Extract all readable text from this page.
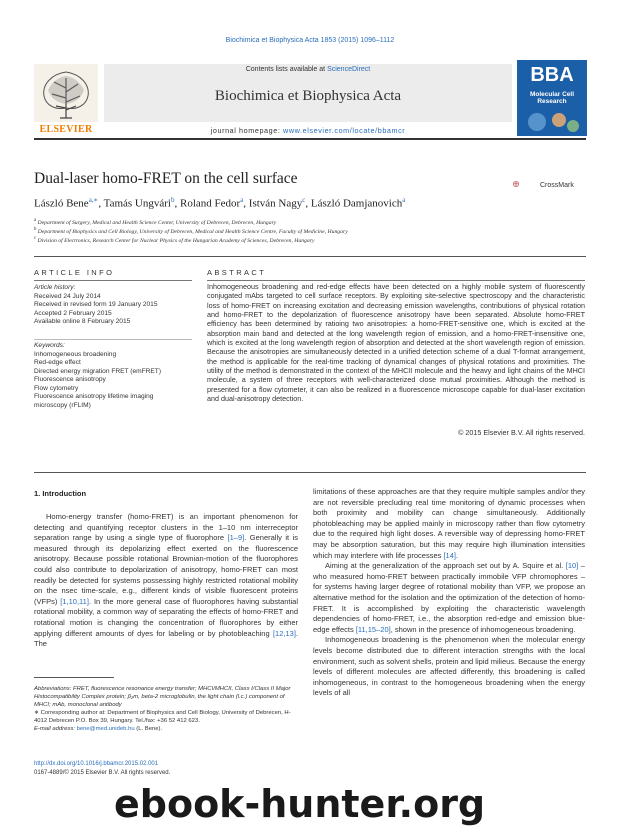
Biochimica et Biophysica Acta 1853 (2015) 1096–1112
Contents lists available at ScienceDirect
Biochimica et Biophysica Acta
journal homepage: www.elsevier.com/locate/bbamcr
ELSEVIER
BBA
Molecular Cell Research
Dual-laser homo-FRET on the cell surface	CrossMark
László Bene$^{a,∗}$, Tamás Ungvári$^b$, Roland Fedor$^a$, István Nagy$^c$, László Damjanovich$^a$
$^a$ Department of Surgery, Medical and Health Science Center, University of Debrecen, Debrecen, Hungary
$^b$ Department of Biophysics and Cell Biology, University of Debrecen, Medical and Health Science Centre, Faculty of Medicine, Hungary
$^c$ Division of Electronics, Research Center for Nuclear Physics of the Hungarian Academy of Sciences, Debrecen, Hungary
ARTICLE INFO
Article history:
Received 24 July 2014
Received in revised form 19 January 2015
Accepted 2 February 2015
Available online 8 February 2015
Keywords:
Inhomogeneous broadening
Red-edge effect
Directed energy migration FRET (emFRET)
Fluorescence anisotropy
Flow cytometry
Fluorescence anisotropy lifetime imaging
microscopy (rFLIM)
ABSTRACT
Inhomogeneous broadening and red-edge effects have been detected on a highly mobile system of fluorescently conjugated mAbs targeted to cell surface receptors. By exploiting site-selective spectroscopy and the characteristic loss of homo-FRET on increasing excitation and decreasing emission wavelengths, contributions of physical rotation and homo-FRET to the depolarization of fluorescence anisotropy have been separated. Absolute homo-FRET efficiency has been determined by ratioing two anisotropies: a homo-FRET-sensitive one, which is excited at the absorption main band and detected at the long wavelength region of emission, and a homo-FRET-insensitive one, which is excited at the long wavelength region of absorption and detected at the short wavelength region of emission. Because the anisotropies are simultaneously detected in a unified detection scheme of a dual T-format arrangement, the method is applicable for the real-time tracking of dynamical changes of physical rotations and proximities. The utility of the method is demonstrated in the context of the MHCII molecule and the heavy and light chains of the MHCI molecule, a system of three receptors with well-characterized close mutual proximities. Although the method is presented for a flow cytometer, it can also be realized in a fluorescence microscope capable for dual-laser excitation and dual-anisotropy detection.
© 2015 Elsevier B.V. All rights reserved.
1. Introduction

Homo-energy transfer (homo-FRET) is an important phenomenon for detecting and quantifying receptor clusters in the 1–10 nm interreceptor separation range by using a single type of fluorophore [1–9]. Generally it is measured through its depolarizing effect exerted on the fluorescence anisotropy. Because possible rotational Brownian-motion of the fluorophores could also contribute to depolarization of anisotropy, homo-FRET can most readily be detected for systems possessing highly restricted rotational mobility on the nsec time-scale, e.g., different kinds of visible fluorescent proteins (VFPs) [1,10,11]. In the more general case of fluorophores having substantial rotational mobility, a common way of separating the effects of homo-FRET and rotational motion is changing the concentration of fluorophores by either applying different amounts of dyes for labeling or by photobleaching [12,13]. The

limitations of these approaches are that they require multiple samples and/or they are not reversible precluding real time monitoring of dynamic processes when both proximity and mobility can change simultaneously. Additionally photobleaching may be applied mainly in microscopy rather than flow cytometry due to the required high light doses. A reversible way of depressing homo-FRET may be absorption saturation, but this may require high illumination intensities which may interfere with life processes [14].

Aiming at the generalization of the approach set out by A. Squire et al. [10] – who measured homo-FRET between practically immobile VFP chromophores – for systems having larger degree of rotational mobility than VFP, we propose an alternative method for the isolation and the optimization of the detection of homo-FRET. It is accomplished by exploiting the characteristic wavelength dependencies of homo-FRET, i.e., the absorption red-edge and emission blue-edge effects [11,15–20], shown in the presence of inhomogeneous broadening.

Inhomogeneous broadening is the phenomenon when the molecular energy levels become distributed due to different interaction strengths with the local environment, such as solvent shells, protein and lipid milieus. Because the energy levels of different molecules are affected differently, this broadening is called inhomogeneous, in contrast to the homogeneous broadening when the energy levels of all

Abbreviations: FRET, fluorescence resonance energy transfer; MHCI/MHCII, Class I/Class II Major Histocompatibility Complex protein; β₂m, beta-2 microglobulin, the light chain (l.c.) component of MHCI; mAb, monoclonal antibody

∗ Corresponding author at: Department of Biophysics and Cell Biology, University of Debrecen, H-4012 Debrecen P.O. Box 39, Hungary. Tel./fax: +36 52 412 623.

E-mail address: bene@med.unideb.hu (L. Bene).

http://dx.doi.org/10.1016/j.bbamcr.2015.02.001
0167-4889/© 2015 Elsevier B.V. All rights reserved.
ebook-hunter.org
